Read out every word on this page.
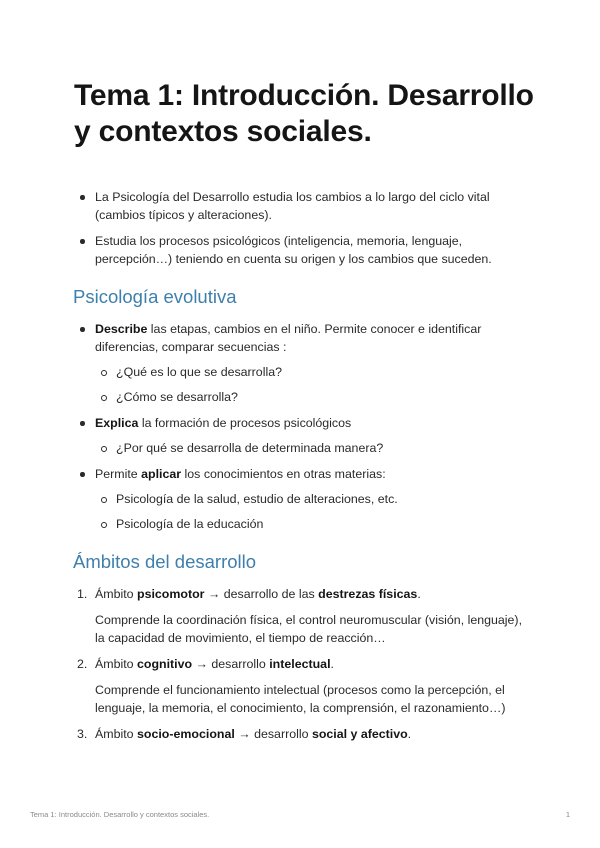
Tema 1: Introducción. Desarrollo y contextos sociales.
La Psicología del Desarrollo estudia los cambios a lo largo del ciclo vital (cambios típicos y alteraciones).
Estudia los procesos psicológicos (inteligencia, memoria, lenguaje, percepción…) teniendo en cuenta su origen y los cambios que suceden.
Psicología evolutiva
Describe las etapas, cambios en el niño. Permite conocer e identificar diferencias, comparar secuencias :
¿Qué es lo que se desarrolla?
¿Cómo se desarrolla?
Explica la formación de procesos psicológicos
¿Por qué se desarrolla de determinada manera?
Permite aplicar los conocimientos en otras materias:
Psicología de la salud, estudio de alteraciones, etc.
Psicología de la educación
Ámbitos del desarrollo
1. Ámbito psicomotor → desarrollo de las destrezas físicas.
Comprende la coordinación física, el control neuromuscular (visión, lenguaje), la capacidad de movimiento, el tiempo de reacción…
2. Ámbito cognitivo → desarrollo intelectual.
Comprende el funcionamiento intelectual (procesos como la percepción, el lenguaje, la memoria, el conocimiento, la comprensión, el razonamiento…)
3. Ámbito socio-emocional → desarrollo social y afectivo.
Tema 1: Introducción. Desarrollo y contextos sociales.	1
